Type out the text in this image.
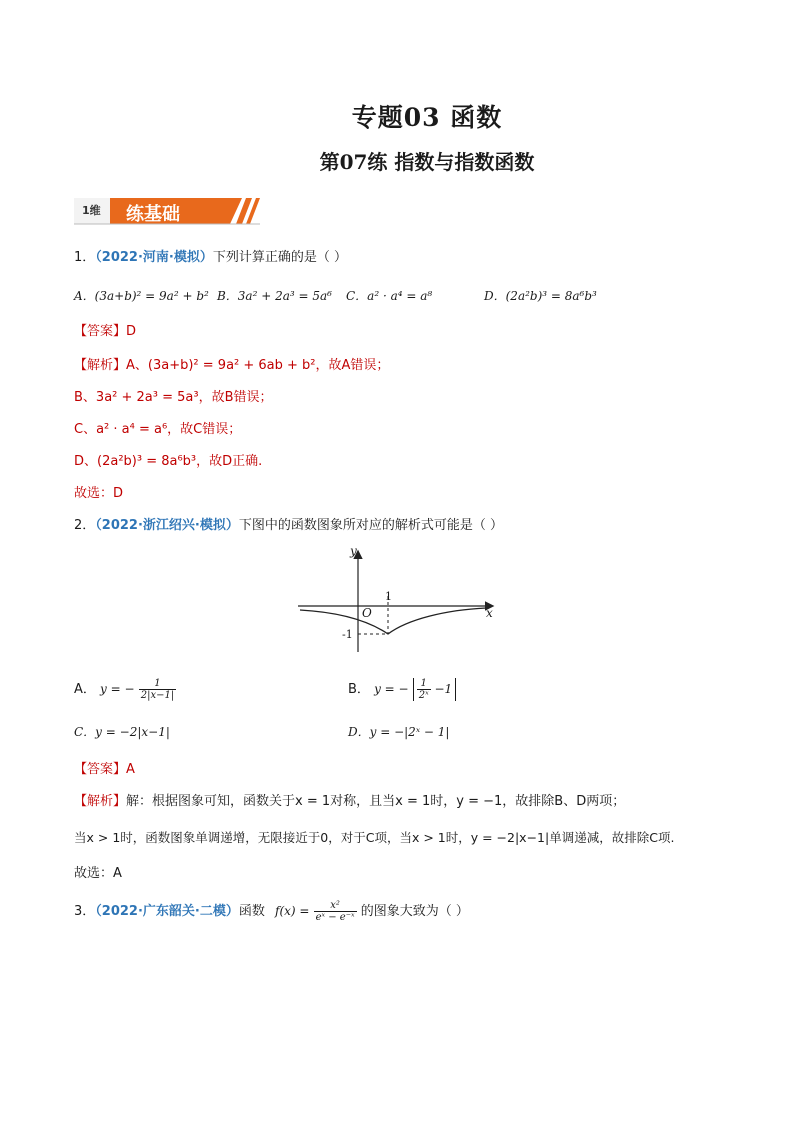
专题03 函数
第07练 指数与指数函数
1维 练基础
1．（2022·河南·模拟）下列计算正确的是（ ）
A．(3a+b)² = 9a² + b² B．3a² + 2a³ = 5a⁶ C．a² · a⁴ = a⁸	D．(2a²b)³ = 8a⁶b³
【答案】D
【解析】A、(3a+b)² = 9a² + 6ab + b²，故A错误；
B、3a² + 2a³ = 5a³，故B错误；
C、a² · a⁴ = a⁶，故C错误；
D、(2a²b)³ = 8a⁶b³，故D正确.
故选：D
2．（2022·浙江绍兴·模拟）下图中的函数图象所对应的解析式可能是（ ）
y
x
O
1
-1
A． y = − $\frac{1}{2|x-1|}$	B． y = − $\frac{1}{\text{2ˣ}} -1$
C．y = −2|x−1|	D．y = −|2ˣ − 1|
【答案】A
【解析】解：根据图象可知，函数关于x = 1对称，且当x = 1时，y = −1，故排除B、D两项；
当x > 1时，函数图象单调递增，无限接近于0，对于C项，当x > 1时，y = −2|x−1|单调递减，故排除C项.
故选：A
3．（2022·广东韶关·二模）函数 $f(x) = \frac{\text{x²}}{\text{eˣ − e⁻ˣ}}$ 的图象大致为（ ）
